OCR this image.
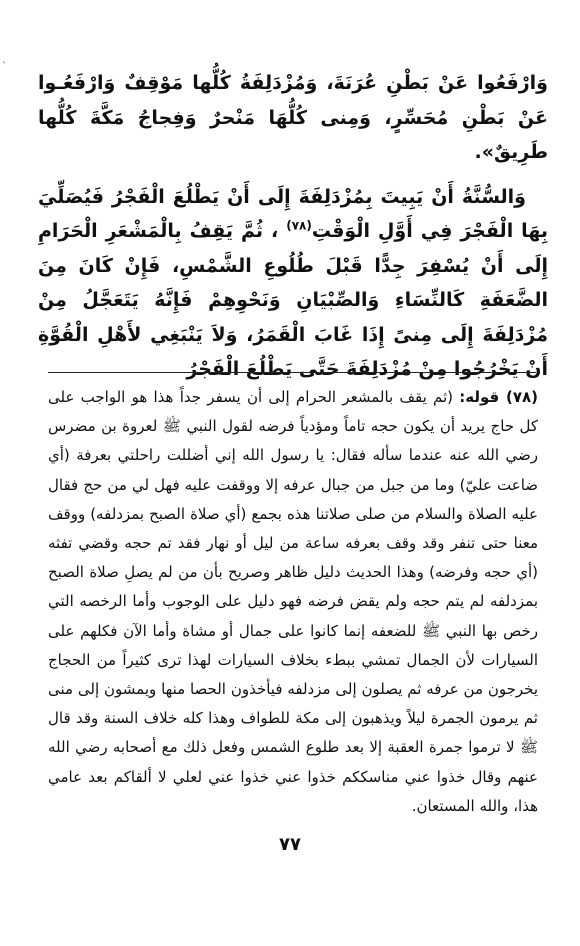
`

وَارْفَعُوا عَنْ بَطْنِ عُرَنَةَ، وَمُزْدَلِفَةُ كُلُّها مَوْقِفٌ وَارْفَعُـوا عَنْ بَطْنِ مُحَسِّرٍ، وَمِنى كُلُّهَا مَنْحرٌ وَفِجاجُ مَكَّةَ كُلُّها طَرِيقٌ».

وَالسُّنَّةُ أَنْ يَبِيتَ بِمُزْدَلِفَةَ إِلَى أَنْ يَطْلُعَ الْفَجْرُ فَيُصَلِّيَ بِهَا الْفَجْرَ فِي أَوَّلِ الْوَقْتِ$^{(٧٨)}$ ، ثُمَّ يَقِفُ بِالْمَشْعَرِ الْحَرَامِ إِلَى أَنْ يُسْفِرَ جِدًّا قَبْلَ طُلُوعِ الشَّمْسِ، فَإِنْ كَانَ مِنَ الضَّعَفَةِ كَالنِّسَاءِ وَالصِّبْيَانِ وَنَحْوِهِمْ فَإِنَّهُ يَتَعَجَّلُ مِنْ مُزْدَلِفَةَ إِلَى مِنىً إِذَا غَابَ الْقَمَرُ، وَلاَ يَنْبَغِي لأَهْلِ الْقُوَّةِ أَنْ يَخْرُجُوا مِنْ مُزْدَلِفَةَ حَتَّى يَطْلُعَ الْفَجْرُ

(٧٨) قوله: (ثم يقف بالمشعر الحرام إلى أن يسفر جداً هذا هو الواجب على كل حاج يريد أن يكون حجه تاماً ومؤدياً فرضه لقول النبي ﷺ لعروة بن مضرس رضي الله عنه عندما سأله فقال: يا رسول الله إني أضللت راحلتي بعرفة (أي ضاعت عليّ) وما من جبل من جبال عرفه إلا ووقفت عليه فهل لي من حج فقال عليه الصلاة والسلام من صلى صلاتنا هذه بجمع (أي صلاة الصبح بمزدلفه) ووقف معنا حتى تنفر وقد وقف بعرفه ساعة من ليل أو نهار فقد تم حجه وقضي تفثه (أي حجه وفرضه) وهذا الحديث دليل ظاهر وصريح بأن من لم يصلِ صلاة الصبح بمزدلفه لم يتم حجه ولم يقض فرضه فهو دليل على الوجوب وأما الرخصه التي رخص بها النبي ﷺ للضعفه إنما كانوا على جمال أو مشاة وأما الآن فكلهم على السيارات لأن الجمال تمشي ببطء بخلاف السيارات لهذا ترى كثيراً من الحجاج يخرجون من عرفه ثم يصلون إلى مزدلفه فيأخذون الحصا منها ويمشون إلى منى ثم يرمون الجمرة ليلاً ويذهبون إلى مكة للطواف وهذا كله خلاف السنة وقد قال ﷺ لا ترموا جمرة العقبة إلا بعد طلوع الشمس وفعل ذلك مع أصحابه رضي الله عنهم وقال خذوا عني مناسككم خذوا عني خذوا عني لعلي لا ألقاكم بعد عامي هذا، والله المستعان.

٧٧
